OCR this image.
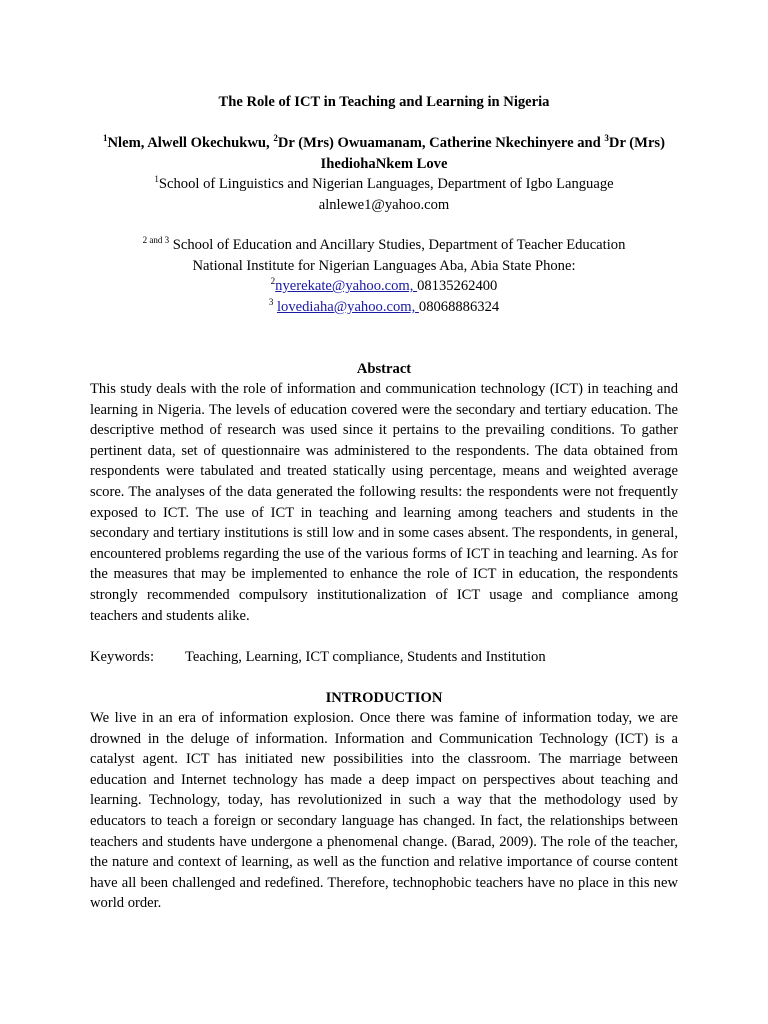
The Role of ICT in Teaching and Learning in Nigeria
$^1$Nlem, Alwell Okechukwu, $^2$Dr (Mrs) Owuamanam, Catherine Nkechinyere and $^3$Dr (Mrs)
IhediohaNkem Love
$^1$School of Linguistics and Nigerian Languages, Department of Igbo Language
alnlewe1@yahoo.com
$^{2 and 3}$ School of Education and Ancillary Studies, Department of Teacher Education
National Institute for Nigerian Languages Aba, Abia State Phone:
$^2$nyerekate@yahoo.com, 08135262400
$^3$ lovediaha@yahoo.com, 08068886324
Abstract

This study deals with the role of information and communication technology (ICT) in teaching and learning in Nigeria. The levels of education covered were the secondary and tertiary education. The descriptive method of research was used since it pertains to the prevailing conditions. To gather pertinent data, set of questionnaire was administered to the respondents. The data obtained from respondents were tabulated and treated statically using percentage, means and weighted average score. The analyses of the data generated the following results: the respondents were not frequently exposed to ICT. The use of ICT in teaching and learning among teachers and students in the secondary and tertiary institutions is still low and in some cases absent. The respondents, in general, encountered problems regarding the use of the various forms of ICT in teaching and learning. As for the measures that may be implemented to enhance the role of ICT in education, the respondents strongly recommended compulsory institutionalization of ICT usage and compliance among teachers and students alike.

Keywords: Teaching, Learning, ICT compliance, Students and Institution
INTRODUCTION

We live in an era of information explosion. Once there was famine of information today, we are drowned in the deluge of information. Information and Communication Technology (ICT) is a catalyst agent. ICT has initiated new possibilities into the classroom. The marriage between education and Internet technology has made a deep impact on perspectives about teaching and learning. Technology, today, has revolutionized in such a way that the methodology used by educators to teach a foreign or secondary language has changed. In fact, the relationships between teachers and students have undergone a phenomenal change. (Barad, 2009). The role of the teacher, the nature and context of learning, as well as the function and relative importance of course content have all been challenged and redefined. Therefore, technophobic teachers have no place in this new world order.
